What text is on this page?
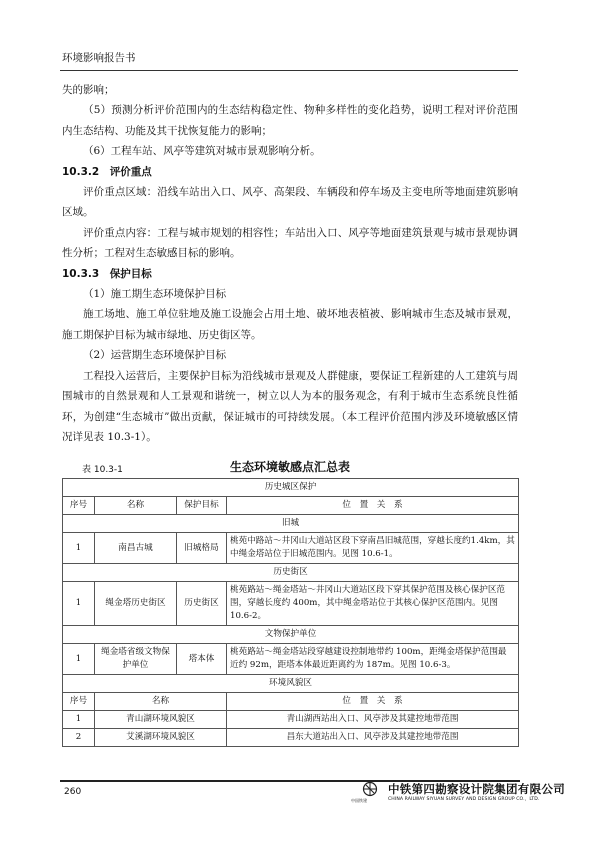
环境影响报告书

失的影响；

（5）预测分析评价范围内的生态结构稳定性、物种多样性的变化趋势，说明工程对评价范围内生态结构、功能及其干扰恢复能力的影响；

（6）工程车站、风亭等建筑对城市景观影响分析。

10.3.2　评价重点

评价重点区域：沿线车站出入口、风亭、高架段、车辆段和停车场及主变电所等地面建筑影响区域。

评价重点内容：工程与城市规划的相容性；车站出入口、风亭等地面建筑景观与城市景观协调性分析；工程对生态敏感目标的影响。

10.3.3　保护目标

（1）施工期生态环境保护目标

施工场地、施工单位驻地及施工设施会占用土地、破坏地表植被、影响城市生态及城市景观，施工期保护目标为城市绿地、历史街区等。

（2）运营期生态环境保护目标

工程投入运营后，主要保护目标为沿线城市景观及人群健康，要保证工程新建的人工建筑与周围城市的自然景观和人工景观和谐统一，树立以人为本的服务观念，有利于城市生态系统良性循环，为创建“生态城市”做出贡献，保证城市的可持续发展。（本工程评价范围内涉及环境敏感区情况详见表 10.3-1）。

表 10.3-1	生态环境敏感点汇总表
历史城区保护			
序号	名称	保护目标	位　置　关　系
旧城			
1	南昌古城	旧城格局	桃苑中路站～井冈山大道站区段下穿南昌旧城范围，穿越长度约1.4km，其中绳金塔站位于旧城范围内。见图 10.6-1。
历史街区			
1	绳金塔历史街区	历史街区	桃苑路站～绳金塔站～井冈山大道站区段下穿其保护范围及核心保护区范围，穿越长度约 400m，其中绳金塔站位于其核心保护区范围内。见图 10.6-2。
文物保护单位			
1	绳金塔省级文物保护单位	塔本体	桃苑路站～绳金塔站段穿越建设控制地带约 100m，距绳金塔保护范围最近约 92m，距塔本体最近距离约为 187m。见图 10.6-3。
环境风貌区			
序号	名称		位　置　关　系
1	青山湖环境风貌区		青山湖西站出入口、风亭涉及其建控地带范围
2	艾溪湖环境风貌区		昌东大道站出入口、风亭涉及其建控地带范围
260
中国铁建
中铁第四勘察设计院集团有限公司
CHINA RAILWAY SIYUAN SURVEY AND DESIGN GROUP CO.，LTD.
